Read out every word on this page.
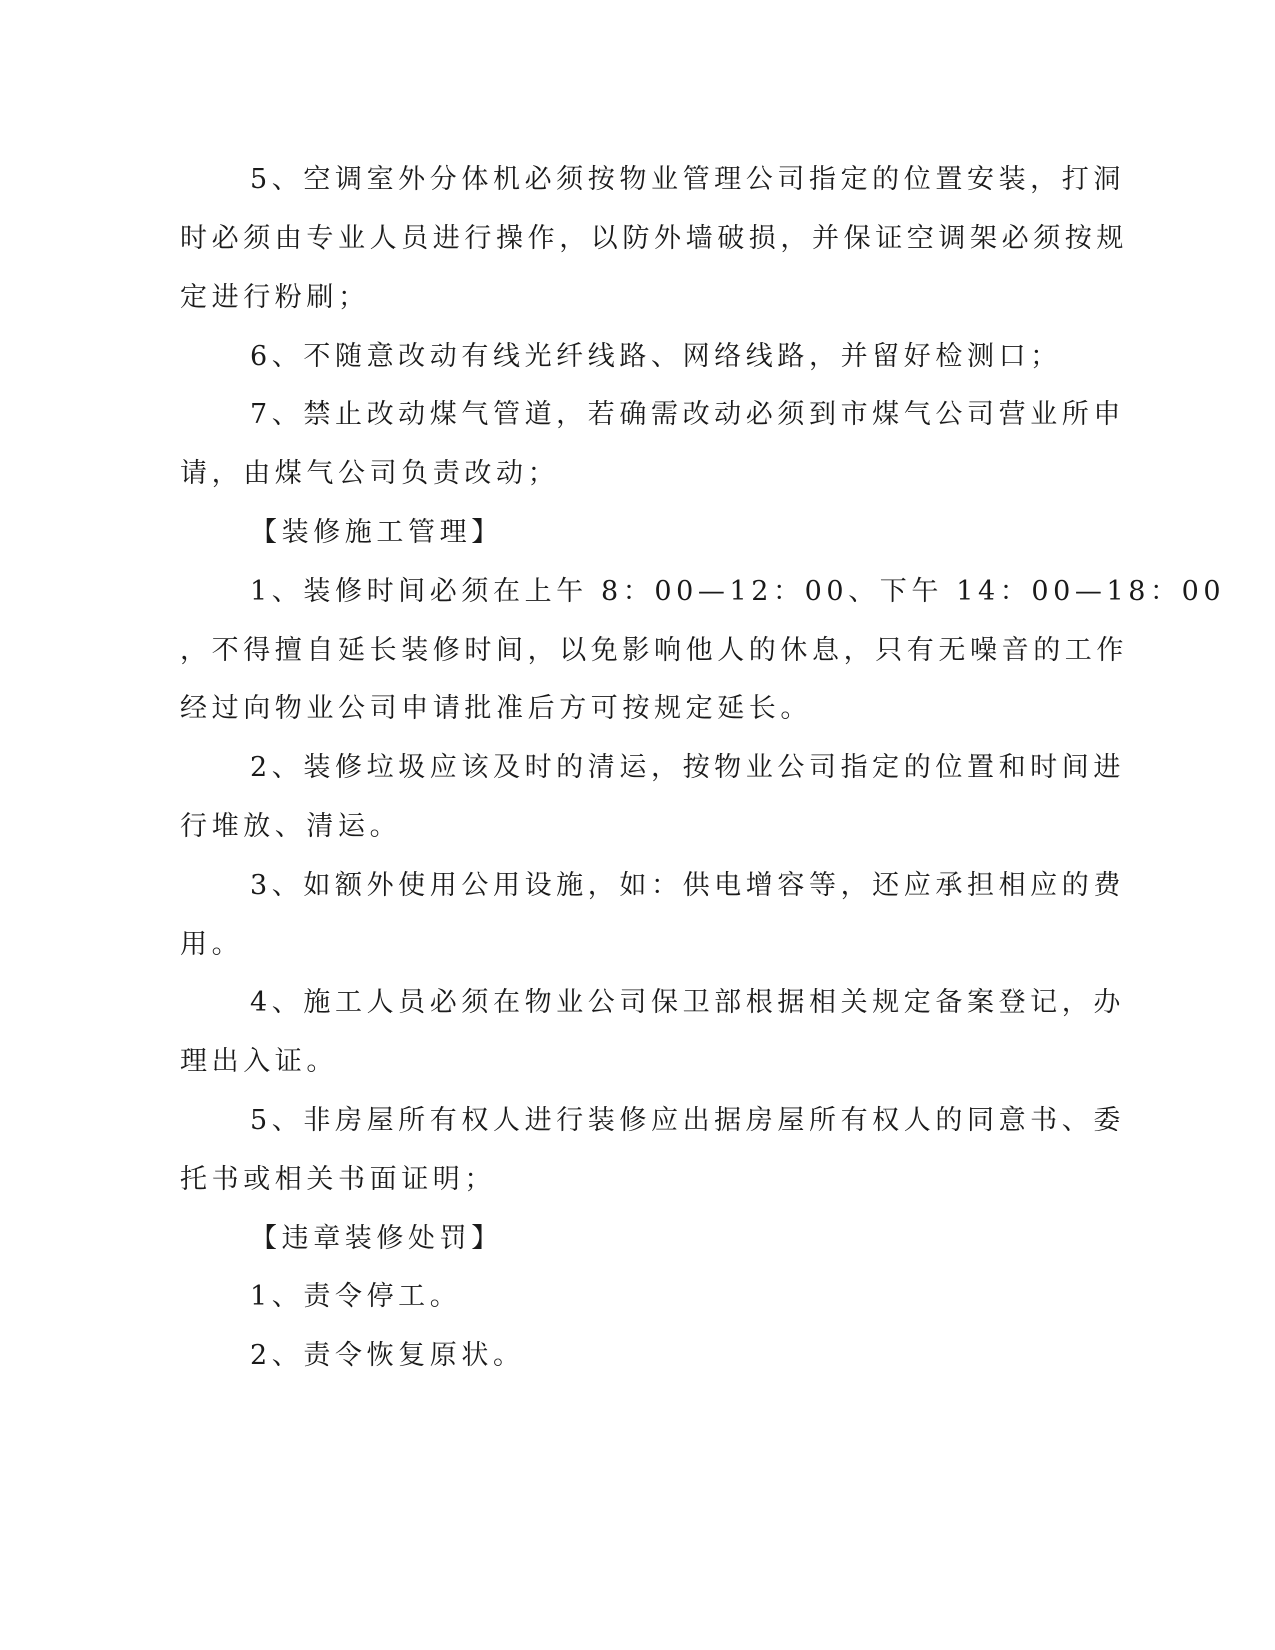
5、空调室外分体机必须按物业管理公司指定的位置安装，打洞
时必须由专业人员进行操作，以防外墙破损，并保证空调架必须按规
定进行粉刷；
6、不随意改动有线光纤线路、网络线路，并留好检测口；
7、禁止改动煤气管道，若确需改动必须到市煤气公司营业所申
请，由煤气公司负责改动；
【装修施工管理】
1、装修时间必须在上午 8：00—12：00、下午 14：00—18：00
，不得擅自延长装修时间，以免影响他人的休息，只有无噪音的工作
经过向物业公司申请批准后方可按规定延长。
2、装修垃圾应该及时的清运，按物业公司指定的位置和时间进
行堆放、清运。
3、如额外使用公用设施，如：供电增容等，还应承担相应的费
用。
4、施工人员必须在物业公司保卫部根据相关规定备案登记，办
理出入证。
5、非房屋所有权人进行装修应出据房屋所有权人的同意书、委
托书或相关书面证明；
【违章装修处罚】
1、责令停工。
2、责令恢复原状。
